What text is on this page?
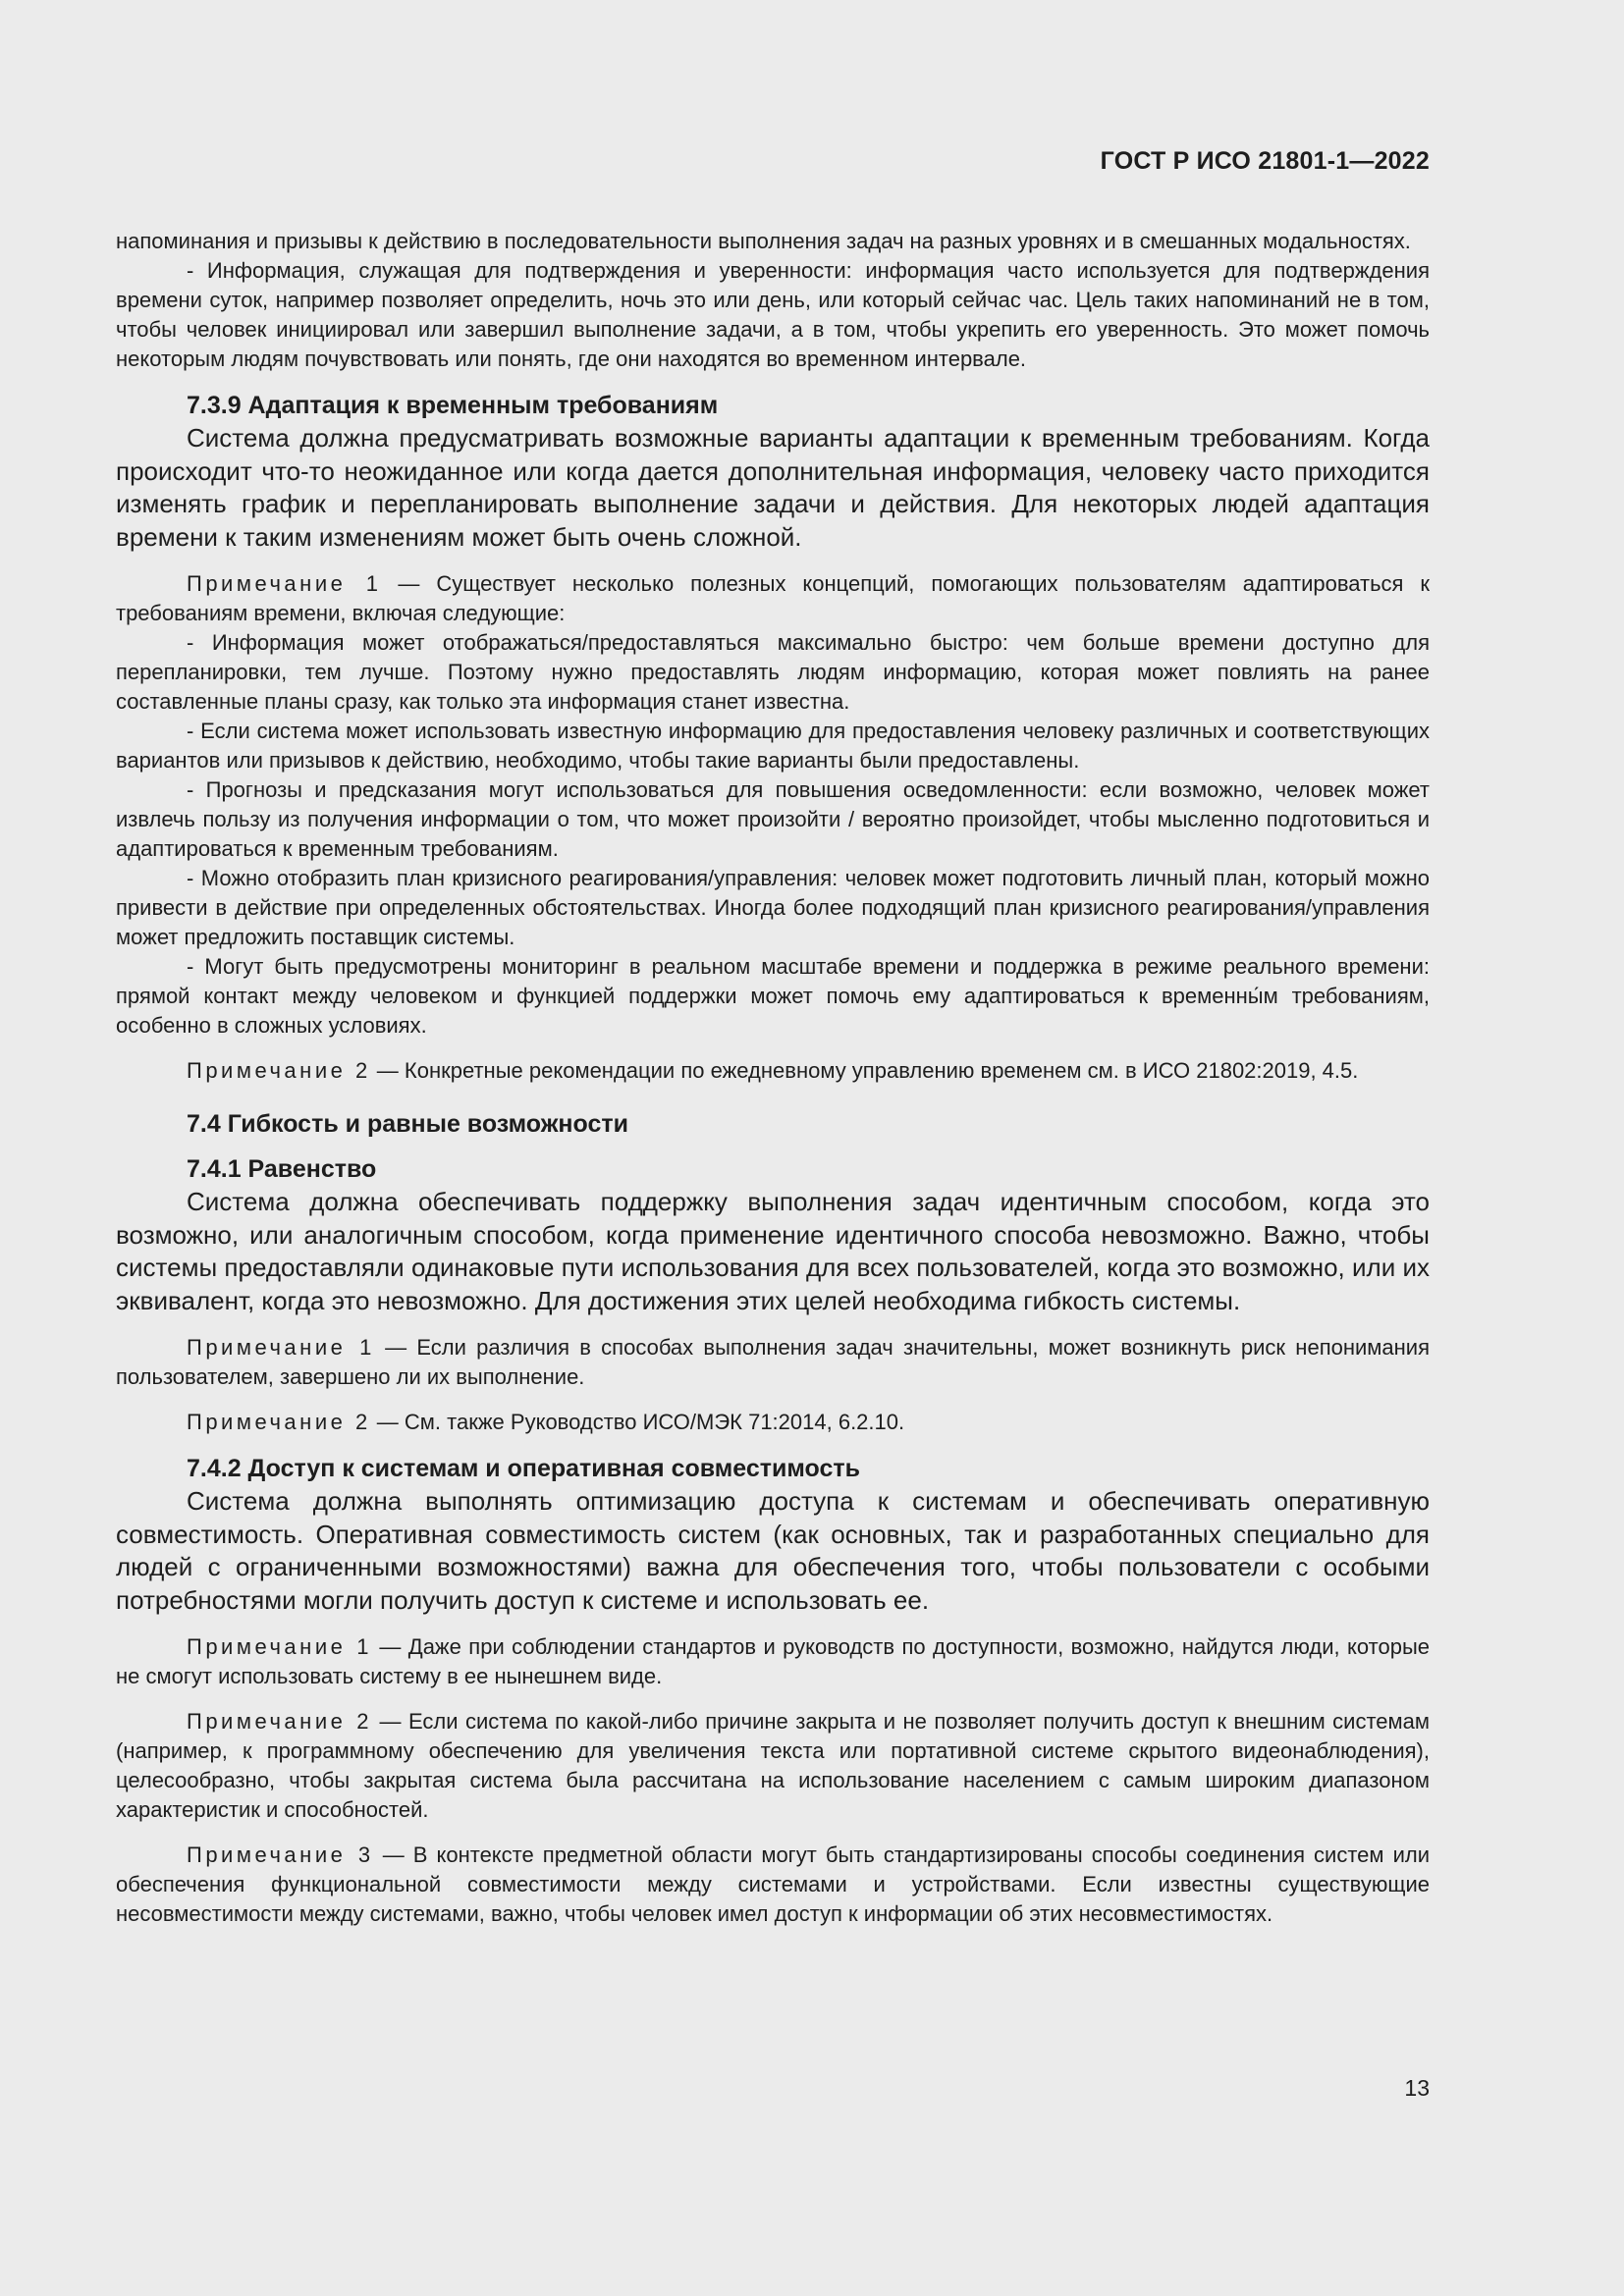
ГОСТ Р ИСО 21801-1—2022

напоминания и призывы к действию в последовательности выполнения задач на разных уровнях и в смешанных модальностях.

- Информация, служащая для подтверждения и уверенности: информация часто используется для подтверждения времени суток, например позволяет определить, ночь это или день, или который сейчас час. Цель таких напоминаний не в том, чтобы человек инициировал или завершил выполнение задачи, а в том, чтобы укрепить его уверенность. Это может помочь некоторым людям почувствовать или понять, где они находятся во временном интервале.

7.3.9 Адаптация к временным требованиям

Система должна предусматривать возможные варианты адаптации к временным требованиям. Когда происходит что-то неожиданное или когда дается дополнительная информация, человеку часто приходится изменять график и перепланировать выполнение задачи и действия. Для некоторых людей адаптация времени к таким изменениям может быть очень сложной.

Примечание 1 — Существует несколько полезных концепций, помогающих пользователям адаптироваться к требованиям времени, включая следующие:

- Информация может отображаться/предоставляться максимально быстро: чем больше времени доступно для перепланировки, тем лучше. Поэтому нужно предоставлять людям информацию, которая может повлиять на ранее составленные планы сразу, как только эта информация станет известна.

- Если система может использовать известную информацию для предоставления человеку различных и соответствующих вариантов или призывов к действию, необходимо, чтобы такие варианты были предоставлены.

- Прогнозы и предсказания могут использоваться для повышения осведомленности: если возможно, человек может извлечь пользу из получения информации о том, что может произойти / вероятно произойдет, чтобы мысленно подготовиться и адаптироваться к временным требованиям.

- Можно отобразить план кризисного реагирования/управления: человек может подготовить личный план, который можно привести в действие при определенных обстоятельствах. Иногда более подходящий план кризисного реагирования/управления может предложить поставщик системы.

- Могут быть предусмотрены мониторинг в реальном масштабе времени и поддержка в режиме реального времени: прямой контакт между человеком и функцией поддержки может помочь ему адаптироваться к временны́м требованиям, особенно в сложных условиях.

Примечание 2 — Конкретные рекомендации по ежедневному управлению временем см. в ИСО 21802:2019, 4.5.

7.4 Гибкость и равные возможности
7.4.1 Равенство

Система должна обеспечивать поддержку выполнения задач идентичным способом, когда это возможно, или аналогичным способом, когда применение идентичного способа невозможно. Важно, чтобы системы предоставляли одинаковые пути использования для всех пользователей, когда это возможно, или их эквивалент, когда это невозможно. Для достижения этих целей необходима гибкость системы.

Примечание 1 — Если различия в способах выполнения задач значительны, может возникнуть риск непонимания пользователем, завершено ли их выполнение.

Примечание 2 — См. также Руководство ИСО/МЭК 71:2014, 6.2.10.

7.4.2 Доступ к системам и оперативная совместимость

Система должна выполнять оптимизацию доступа к системам и обеспечивать оперативную совместимость. Оперативная совместимость систем (как основных, так и разработанных специально для людей с ограниченными возможностями) важна для обеспечения того, чтобы пользователи с особыми потребностями могли получить доступ к системе и использовать ее.

Примечание 1 — Даже при соблюдении стандартов и руководств по доступности, возможно, найдутся люди, которые не смогут использовать систему в ее нынешнем виде.

Примечание 2 — Если система по какой-либо причине закрыта и не позволяет получить доступ к внешним системам (например, к программному обеспечению для увеличения текста или портативной системе скрытого видеонаблюдения), целесообразно, чтобы закрытая система была рассчитана на использование населением с самым широким диапазоном характеристик и способностей.

Примечание 3 — В контексте предметной области могут быть стандартизированы способы соединения систем или обеспечения функциональной совместимости между системами и устройствами. Если известны существующие несовместимости между системами, важно, чтобы человек имел доступ к информации об этих несовместимостях.

13
